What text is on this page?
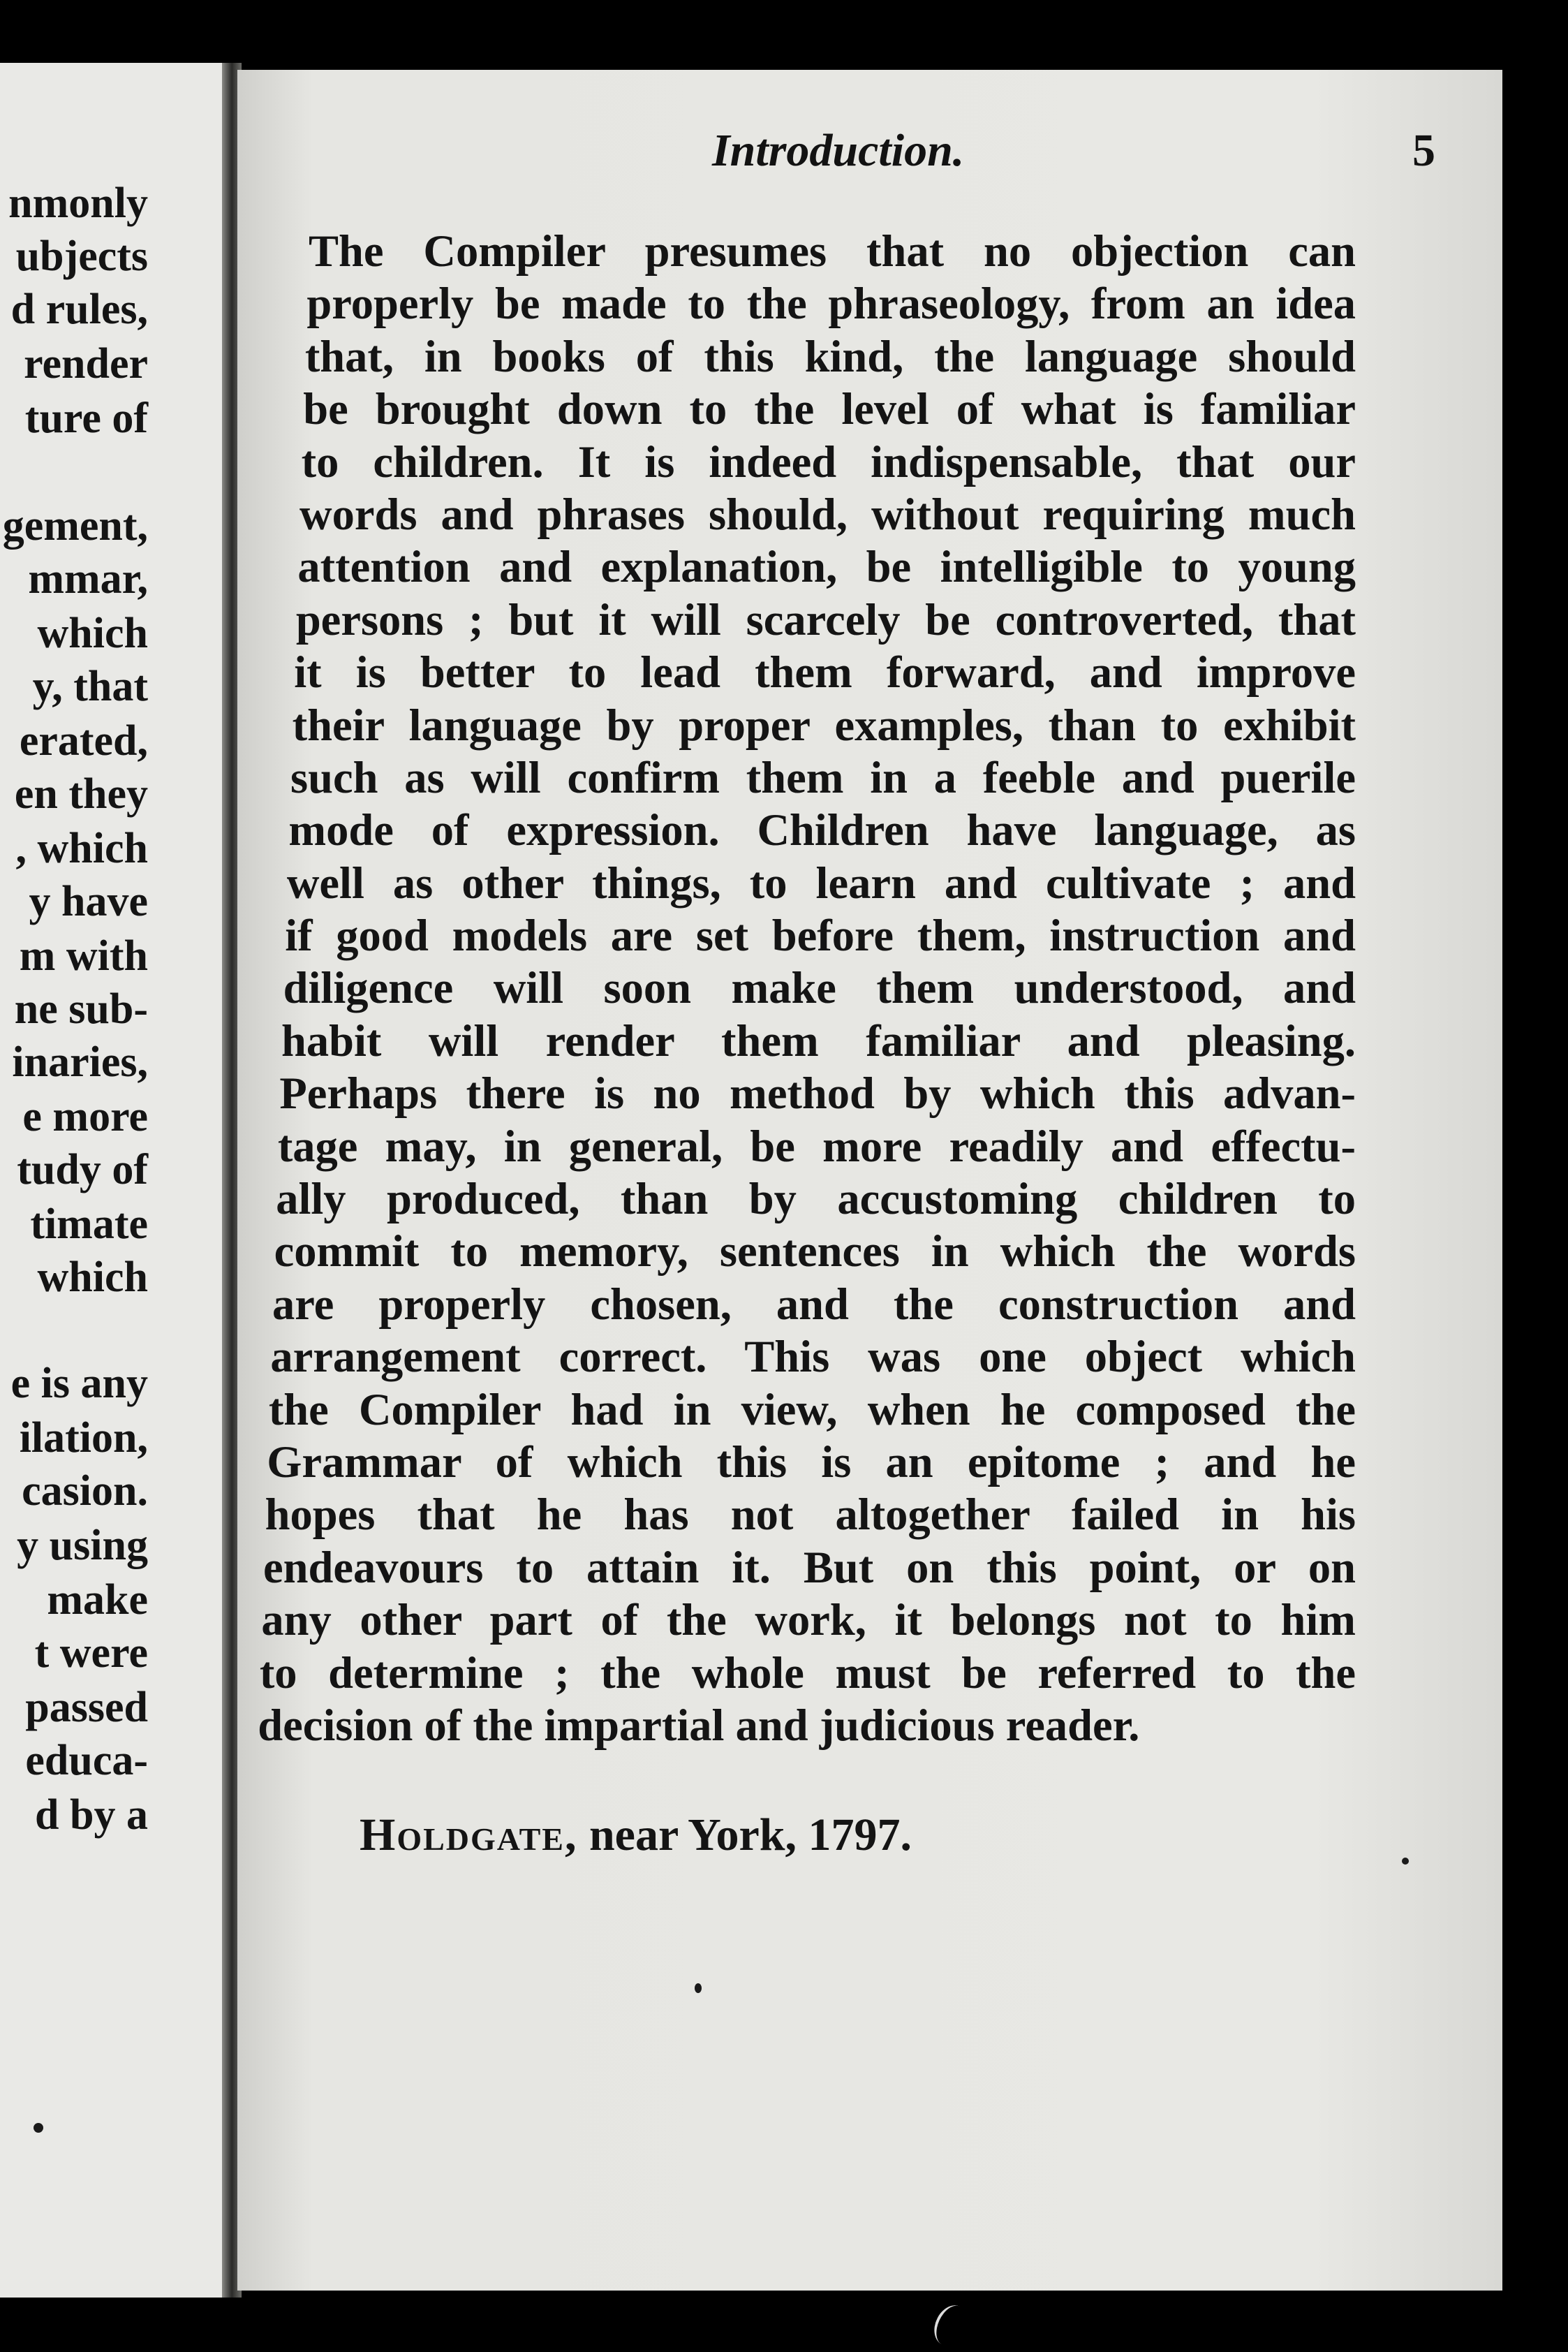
nmonly
ubjects
d rules,
render
ture of
gement,
mmar,
which
y, that
erated,
en they
, which
y have
m with
ne sub-
inaries,
e more
tudy of
timate
which
e is any
ilation,
casion.
y using
make
t were
passed
educa-
d by a
Introduction.	5
The Compiler presumes that no objection can
properly be made to the phraseology, from an idea
that, in books of this kind, the language should
be brought down to the level of what is familiar
to children. It is indeed indispensable, that our
words and phrases should, without requiring much
attention and explanation, be intelligible to young
persons ; but it will scarcely be controverted, that
it is better to lead them forward, and improve
their language by proper examples, than to exhibit
such as will confirm them in a feeble and puerile
mode of expression. Children have language, as
well as other things, to learn and cultivate ; and
if good models are set before them, instruction and
diligence will soon make them understood, and
habit will render them familiar and pleasing.
Perhaps there is no method by which this advan-
tage may, in general, be more readily and effectu-
ally produced, than by accustoming children to
commit to memory, sentences in which the words
are properly chosen, and the construction and
arrangement correct. This was one object which
the Compiler had in view, when he composed the
Grammar of which this is an epitome ; and he
hopes that he has not altogether failed in his
endeavours to attain it. But on this point, or on
any other part of the work, it belongs not to him
to determine ; the whole must be referred to the
decision of the impartial and judicious reader.
Holdgate, near York, 1797.
